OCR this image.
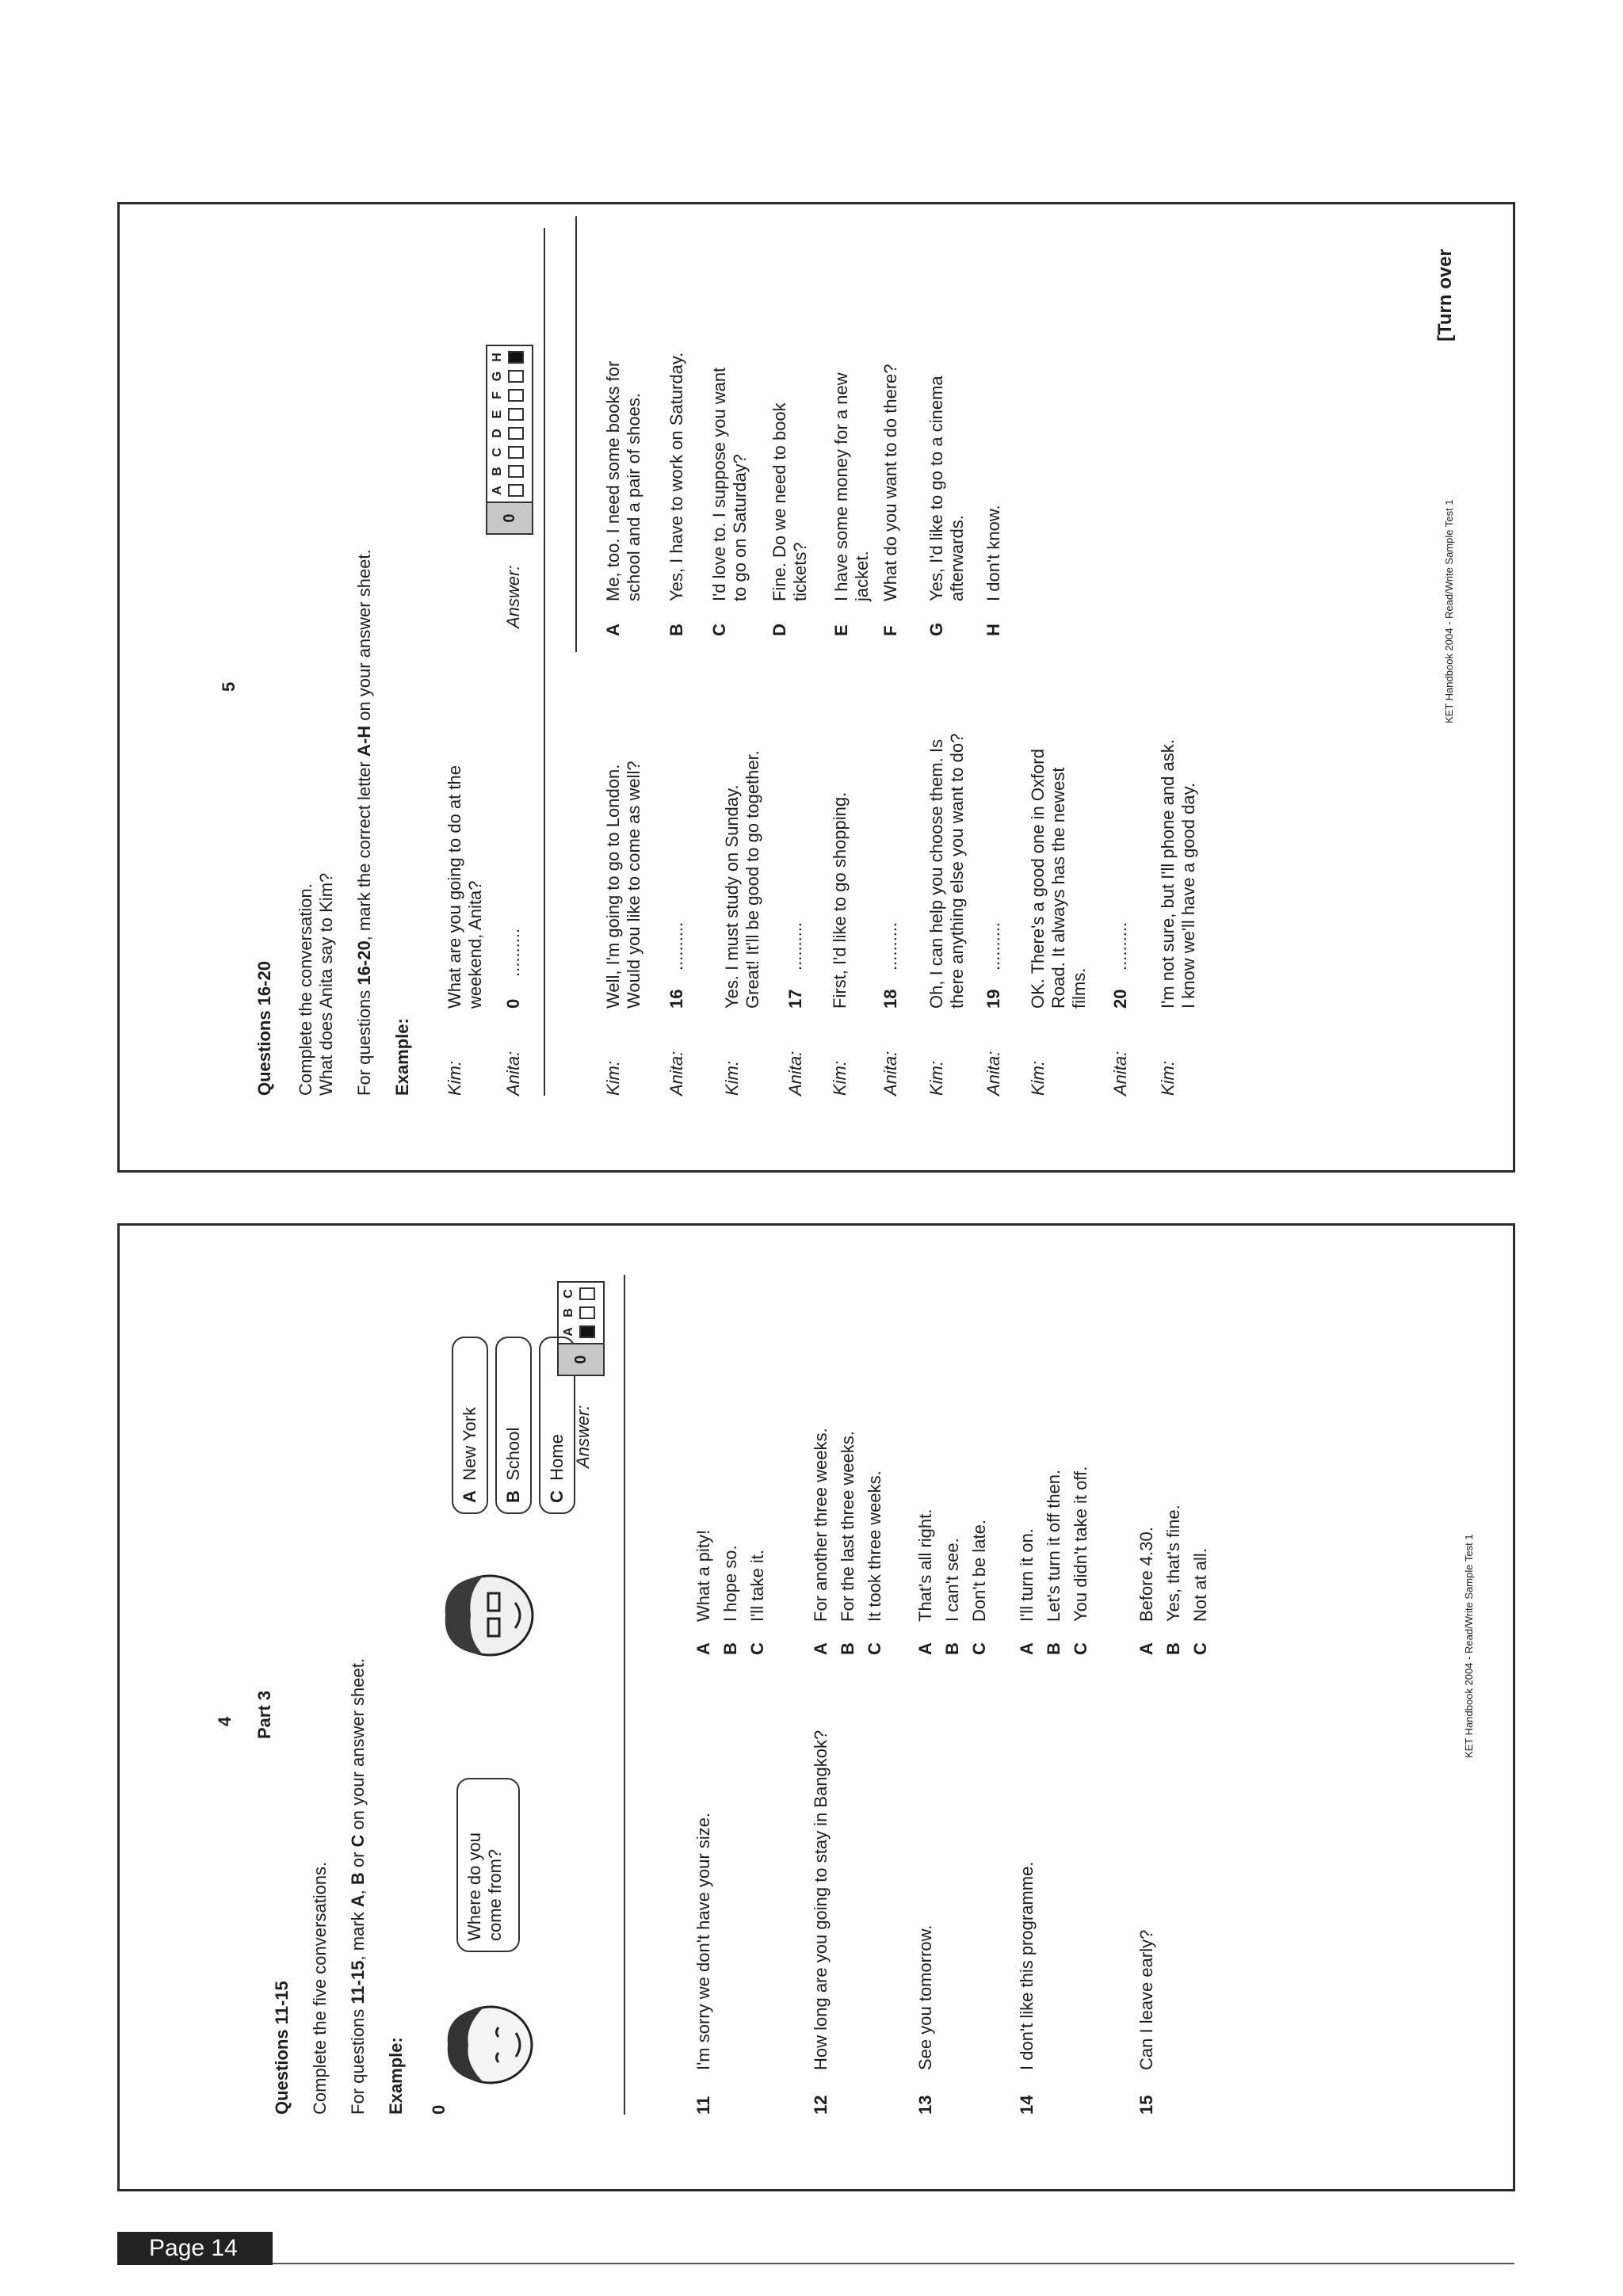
4 Part 3
Questions 11-15 Complete the five conversations. For questions 11-15, mark A, B or C on your answer sheet.
Example: 0
Where do you come from?
A  New York
B  School
C  Home Answer:
0
A
B
C
11
I'm sorry we don't have your size.
A
What a pity!
B
I hope so.
C
I'll take it.
12
How long are you going to stay in Bangkok?
A
For another three weeks.
B
For the last three weeks.
C
It took three weeks.
13
See you tomorrow.
A
That's all right.
B
I can't see.
C
Don't be late.
14
I don't like this programme.
A
I'll turn it on.
B
Let's turn it off then.
C
You didn't take it off.
15
Can I leave early?
A
Before 4.30.
B
Yes, that's fine.
C
Not at all.	KET Handbook 2004 - Read/Write Sample Test 1
5
Questions 16-20 Complete the conversation. What does Anita say to Kim? For questions 16-20, mark the correct letter A-H on your answer sheet.
Example: Kim:
What are you going to do at the weekend, Anita?
Anita:
0
..........
Answer:
0
A
B
C
D
E
F
G
H
Kim:
Well, I'm going to go to London. Would you like to come as well?
Anita:
16
..........
Kim:
Yes. I must study on Sunday. Great! It'll be good to go together.
Anita:
17
..........
Kim:
First, I'd like to go shopping.
Anita:
18
..........
Kim:
Oh, I can help you choose them. Is there anything else you want to do?
Anita:
19
..........
Kim:
OK. There's a good one in Oxford Road. It always has the newest films.
Anita:
20
..........
Kim:
I'm not sure, but I'll phone and ask. I know we'll have a good day.
A
Me, too. I need some books for school and a pair of shoes.
B
Yes, I have to work on Saturday.
C
I'd love to. I suppose you want to go on Saturday?
D
Fine. Do we need to book tickets?
E
I have some money for a new jacket.
F
What do you want to do there?
G
Yes, I'd like to go to a cinema afterwards.
H
I don't know.	KET Handbook 2004 - Read/Write Sample Test 1
[Turn over
Page 14
